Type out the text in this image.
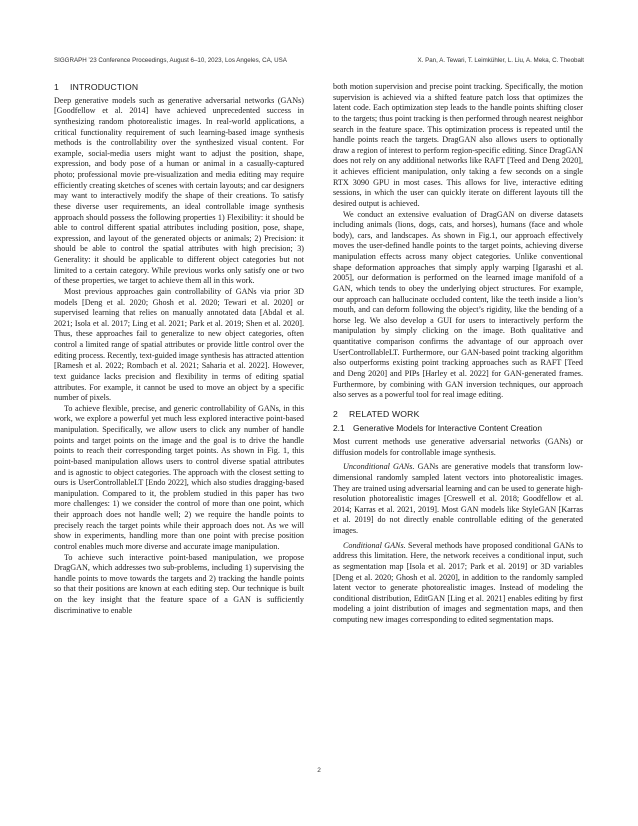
SIGGRAPH ’23 Conference Proceedings, August 6–10, 2023, Los Angeles, CA, USA	X. Pan, A. Tewari, T. Leimkühler, L. Liu, A. Meka, C. Theobalt
1 INTRODUCTION

Deep generative models such as generative adversarial networks (GANs) [Goodfellow et al. 2014] have achieved unprecedented success in synthesizing random photorealistic images. In real-world applications, a critical functionality requirement of such learning-based image synthesis methods is the controllability over the synthesized visual content. For example, social-media users might want to adjust the position, shape, expression, and body pose of a human or animal in a casually-captured photo; professional movie pre-visualization and media editing may require efficiently creating sketches of scenes with certain layouts; and car designers may want to interactively modify the shape of their creations. To satisfy these diverse user requirements, an ideal controllable image synthesis approach should possess the following properties 1) Flexibility: it should be able to control different spatial attributes including position, pose, shape, expression, and layout of the generated objects or animals; 2) Precision: it should be able to control the spatial attributes with high precision; 3) Generality: it should be applicable to different object categories but not limited to a certain category. While previous works only satisfy one or two of these properties, we target to achieve them all in this work.

Most previous approaches gain controllability of GANs via prior 3D models [Deng et al. 2020; Ghosh et al. 2020; Tewari et al. 2020] or supervised learning that relies on manually annotated data [Abdal et al. 2021; Isola et al. 2017; Ling et al. 2021; Park et al. 2019; Shen et al. 2020]. Thus, these approaches fail to generalize to new object categories, often control a limited range of spatial attributes or provide little control over the editing process. Recently, text-guided image synthesis has attracted attention [Ramesh et al. 2022; Rombach et al. 2021; Saharia et al. 2022]. However, text guidance lacks precision and flexibility in terms of editing spatial attributes. For example, it cannot be used to move an object by a specific number of pixels.

To achieve flexible, precise, and generic controllability of GANs, in this work, we explore a powerful yet much less explored interactive point-based manipulation. Specifically, we allow users to click any number of handle points and target points on the image and the goal is to drive the handle points to reach their corresponding target points. As shown in Fig. 1, this point-based manipulation allows users to control diverse spatial attributes and is agnostic to object categories. The approach with the closest setting to ours is UserControllableLT [Endo 2022], which also studies dragging-based manipulation. Compared to it, the problem studied in this paper has two more challenges: 1) we consider the control of more than one point, which their approach does not handle well; 2) we require the handle points to precisely reach the target points while their approach does not. As we will show in experiments, handling more than one point with precise position control enables much more diverse and accurate image manipulation.

To achieve such interactive point-based manipulation, we propose DragGAN, which addresses two sub-problems, including 1) supervising the handle points to move towards the targets and 2) tracking the handle points so that their positions are known at each editing step. Our technique is built on the key insight that the feature space of a GAN is sufficiently discriminative to enable

both motion supervision and precise point tracking. Specifically, the motion supervision is achieved via a shifted feature patch loss that optimizes the latent code. Each optimization step leads to the handle points shifting closer to the targets; thus point tracking is then performed through nearest neighbor search in the feature space. This optimization process is repeated until the handle points reach the targets. DragGAN also allows users to optionally draw a region of interest to perform region-specific editing. Since DragGAN does not rely on any additional networks like RAFT [Teed and Deng 2020], it achieves efficient manipulation, only taking a few seconds on a single RTX 3090 GPU in most cases. This allows for live, interactive editing sessions, in which the user can quickly iterate on different layouts till the desired output is achieved.

We conduct an extensive evaluation of DragGAN on diverse datasets including animals (lions, dogs, cats, and horses), humans (face and whole body), cars, and landscapes. As shown in Fig.1, our approach effectively moves the user-defined handle points to the target points, achieving diverse manipulation effects across many object categories. Unlike conventional shape deformation approaches that simply apply warping [Igarashi et al. 2005], our deformation is performed on the learned image manifold of a GAN, which tends to obey the underlying object structures. For example, our approach can hallucinate occluded content, like the teeth inside a lion’s mouth, and can deform following the object’s rigidity, like the bending of a horse leg. We also develop a GUI for users to interactively perform the manipulation by simply clicking on the image. Both qualitative and quantitative comparison confirms the advantage of our approach over UserControllableLT. Furthermore, our GAN-based point tracking algorithm also outperforms existing point tracking approaches such as RAFT [Teed and Deng 2020] and PIPs [Harley et al. 2022] for GAN-generated frames. Furthermore, by combining with GAN inversion techniques, our approach also serves as a powerful tool for real image editing.

2 RELATED WORK
2.1 Generative Models for Interactive Content Creation

Most current methods use generative adversarial networks (GANs) or diffusion models for controllable image synthesis.

Unconditional GANs. GANs are generative models that transform low-dimensional randomly sampled latent vectors into photorealistic images. They are trained using adversarial learning and can be used to generate high-resolution photorealistic images [Creswell et al. 2018; Goodfellow et al. 2014; Karras et al. 2021, 2019]. Most GAN models like StyleGAN [Karras et al. 2019] do not directly enable controllable editing of the generated images.

Conditional GANs. Several methods have proposed conditional GANs to address this limitation. Here, the network receives a conditional input, such as segmentation map [Isola et al. 2017; Park et al. 2019] or 3D variables [Deng et al. 2020; Ghosh et al. 2020], in addition to the randomly sampled latent vector to generate photorealistic images. Instead of modeling the conditional distribution, EditGAN [Ling et al. 2021] enables editing by first modeling a joint distribution of images and segmentation maps, and then computing new images corresponding to edited segmentation maps.

2
